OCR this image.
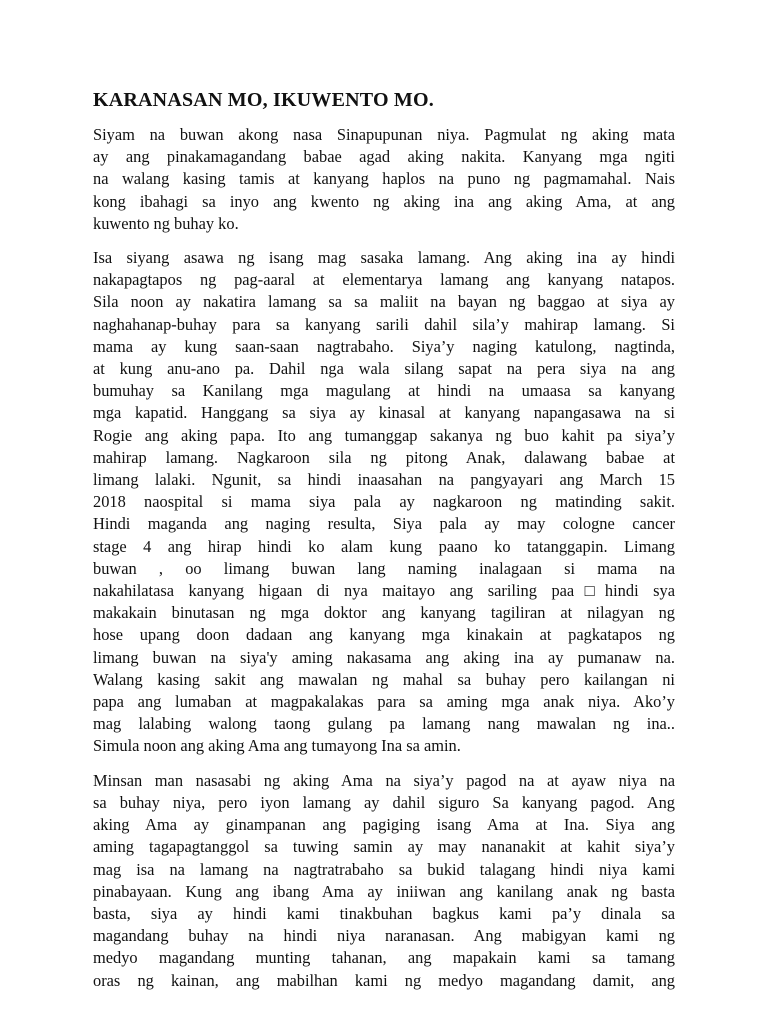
KARANASAN MO, IKUWENTO MO.
Siyam na buwan akong nasa Sinapupunan niya. Pagmulat ng aking mata
ay ang pinakamagandang babae agad aking nakita. Kanyang mga ngiti
na walang kasing tamis at kanyang haplos na puno ng pagmamahal. Nais
kong ibahagi sa inyo ang kwento ng aking ina ang aking Ama, at ang
kuwento ng buhay ko.
Isa siyang asawa ng isang mag sasaka lamang. Ang aking ina ay hindi
nakapagtapos ng pag-aaral at elementarya lamang ang kanyang natapos.
Sila noon ay nakatira lamang sa sa maliit na bayan ng baggao at siya ay
naghahanap-buhay para sa kanyang sarili dahil sila’y mahirap lamang. Si
mama ay kung saan-saan nagtrabaho. Siya’y naging katulong, nagtinda,
at kung anu-ano pa. Dahil nga wala silang sapat na pera siya na ang
bumuhay sa Kanilang mga magulang at hindi na umaasa sa kanyang
mga kapatid. Hanggang sa siya ay kinasal at kanyang napangasawa na si
Rogie ang aking papa. Ito ang tumanggap sakanya ng buo kahit pa siya’y
mahirap lamang. Nagkaroon sila ng pitong Anak, dalawang babae at
limang lalaki. Ngunit, sa hindi inaasahan na pangyayari ang March 15
2018 naospital si mama siya pala ay nagkaroon ng matinding sakit.
Hindi maganda ang naging resulta, Siya pala ay may cologne cancer
stage 4 ang hirap hindi ko alam kung paano ko tatanggapin. Limang
buwan , oo limang buwan lang naming inalagaan si mama na
nakahilatasa kanyang higaan di nya maitayo ang sariling paa□hindi sya
makakain binutasan ng mga doktor ang kanyang tagiliran at nilagyan ng
hose upang doon dadaan ang kanyang mga kinakain at pagkatapos ng
limang buwan na siya'y aming nakasama ang aking ina ay pumanaw na.
Walang kasing sakit ang mawalan ng mahal sa buhay pero kailangan ni
papa ang lumaban at magpakalakas para sa aming mga anak niya. Ako’y
mag lalabing walong taong gulang pa lamang nang mawalan ng ina..
Simula noon ang aking Ama ang tumayong Ina sa amin.
Minsan man nasasabi ng aking Ama na siya’y pagod na at ayaw niya na
sa buhay niya, pero iyon lamang ay dahil siguro Sa kanyang pagod. Ang
aking Ama ay ginampanan ang pagiging isang Ama at Ina. Siya ang
aming tagapagtanggol sa tuwing samin ay may nananakit at kahit siya’y
mag isa na lamang na nagtratrabaho sa bukid talagang hindi niya kami
pinabayaan. Kung ang ibang Ama ay iniiwan ang kanilang anak ng basta
basta, siya ay hindi kami tinakbuhan bagkus kami pa’y dinala sa
magandang buhay na hindi niya naranasan. Ang mabigyan kami ng
medyo magandang munting tahanan, ang mapakain kami sa tamang
oras ng kainan, ang mabilhan kami ng medyo magandang damit, ang
